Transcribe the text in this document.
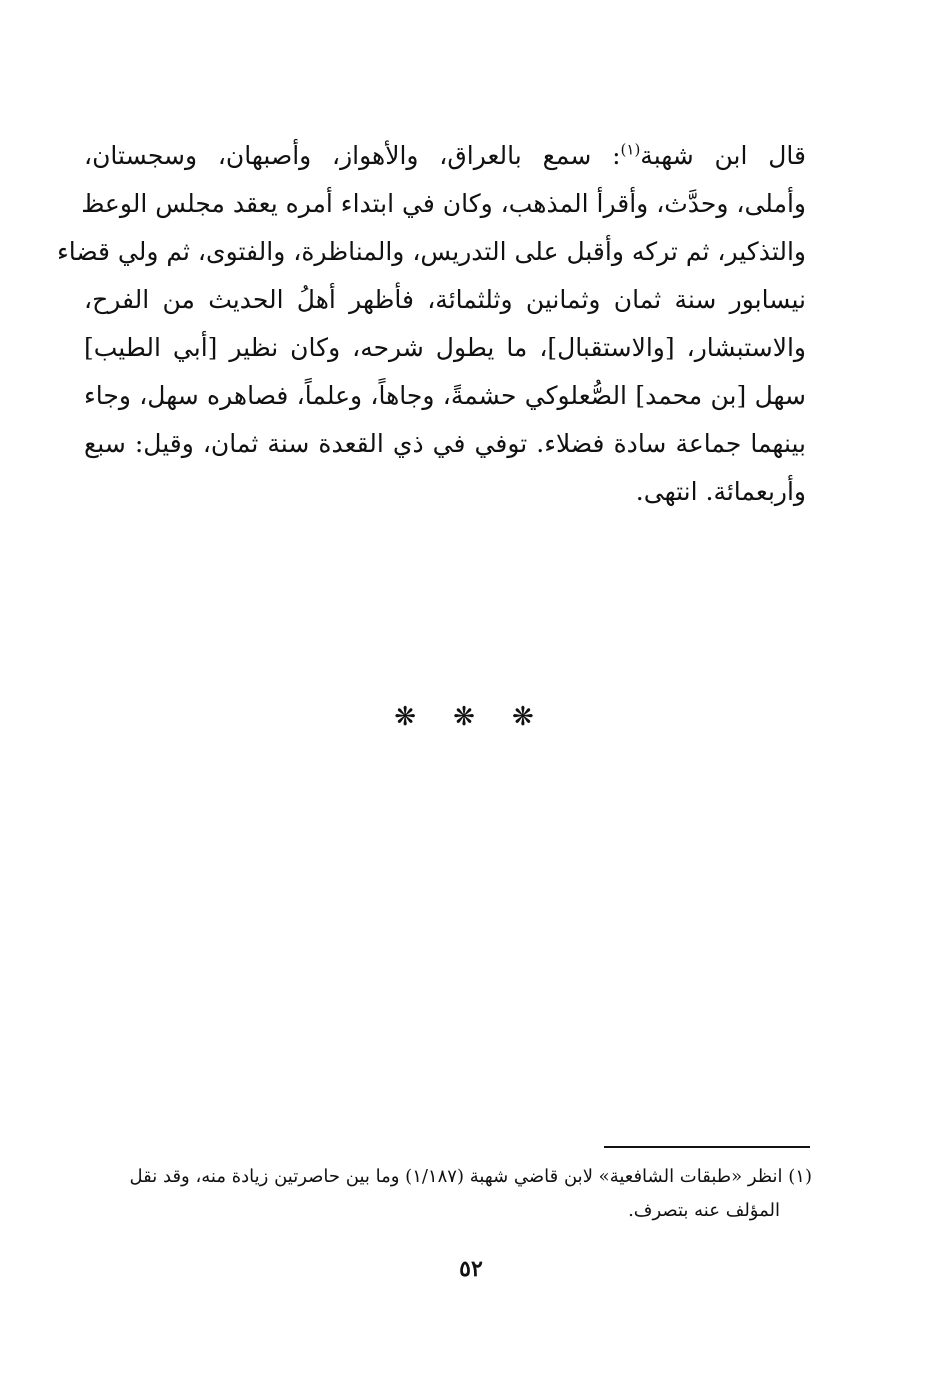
قال ابن شهبة$^{(١)}$: سمع بالعراق، والأهواز، وأصبهان، وسجستان،
وأملى، وحدَّث، وأقرأ المذهب، وكان في ابتداء أمره يعقد مجلس الوعظ
والتذكير، ثم تركه وأقبل على التدريس، والمناظرة، والفتوى، ثم ولي قضاء
نيسابور سنة ثمان وثمانين وثلثمائة، فأظهر أهلُ الحديث من الفرح،
والاستبشار، [والاستقبال]، ما يطول شرحه، وكان نظير [أبي الطيب]
سهل [بن محمد] الصُّعلوكي حشمةً، وجاهاً، وعلماً، فصاهره سهل، وجاء
بينهما جماعة سادة فضلاء. توفي في ذي القعدة سنة ثمان، وقيل: سبع
وأربعمائة. انتهى.
❋ ❋ ❋
(١) انظر «طبقات الشافعية» لابن قاضي شهبة (١/١٨٧) وما بين حاصرتين زيادة منه، وقد نقل
المؤلف عنه بتصرف.
٥٢
